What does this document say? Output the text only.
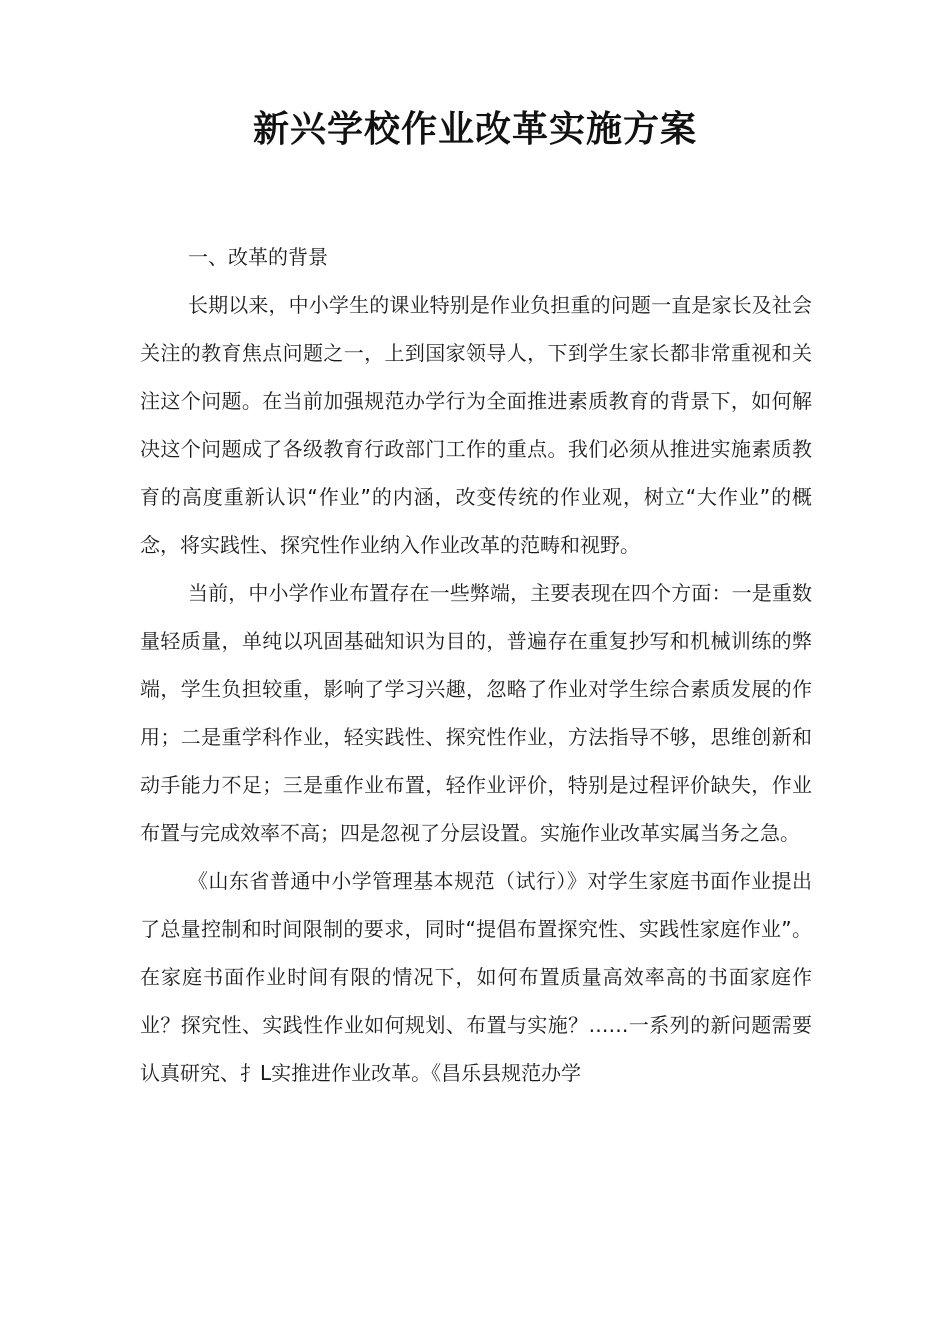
新兴学校作业改革实施方案

一、改革的背景

长期以来，中小学生的课业特别是作业负担重的问题一直是家长及社会关注的教育焦点问题之一，上到国家领导人，下到学生家长都非常重视和关注这个问题。在当前加强规范办学行为全面推进素质教育的背景下，如何解决这个问题成了各级教育行政部门工作的重点。我们必须从推进实施素质教育的高度重新认识“作业”的内涵，改变传统的作业观，树立“大作业”的概念，将实践性、探究性作业纳入作业改革的范畴和视野。

当前，中小学作业布置存在一些弊端，主要表现在四个方面：一是重数量轻质量，单纯以巩固基础知识为目的，普遍存在重复抄写和机械训练的弊端，学生负担较重，影响了学习兴趣，忽略了作业对学生综合素质发展的作用；二是重学科作业，轻实践性、探究性作业，方法指导不够，思维创新和动手能力不足；三是重作业布置，轻作业评价，特别是过程评价缺失，作业布置与完成效率不高；四是忽视了分层设置。实施作业改革实属当务之急。

《山东省普通中小学管理基本规范（试行）》对学生家庭书面作业提出了总量控制和时间限制的要求，同时“提倡布置探究性、实践性家庭作业”。在家庭书面作业时间有限的情况下，如何布置质量高效率高的书面家庭作业？探究性、实践性作业如何规划、布置与实施？……一系列的新问题需要认真研究、扌L实推进作业改革。《昌乐县规范办学
